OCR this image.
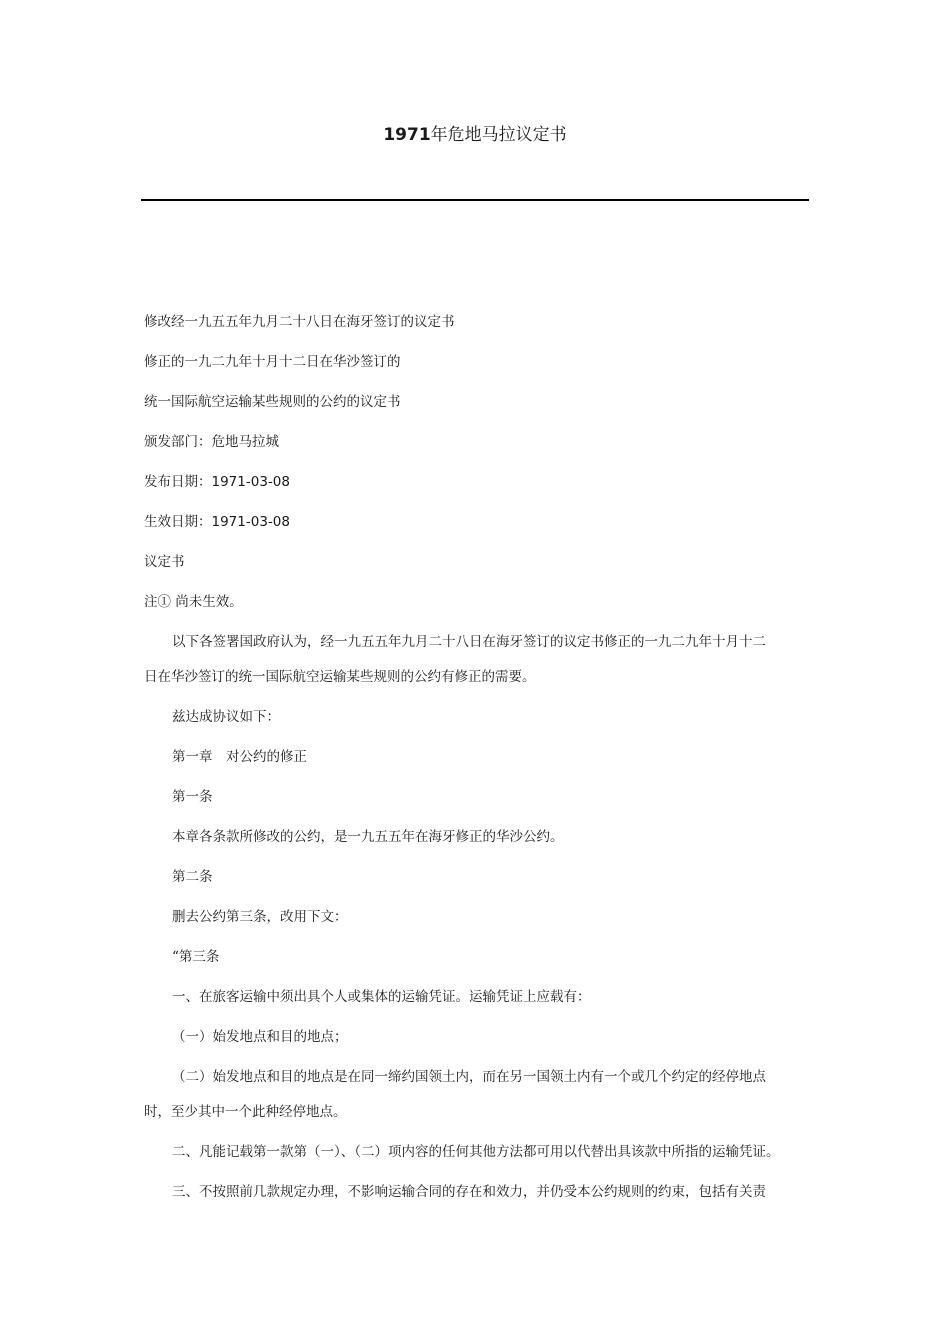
1971年危地马拉议定书
修改经一九五五年九月二十八日在海牙签订的议定书
修正的一九二九年十月十二日在华沙签订的
统一国际航空运输某些规则的公约的议定书
颁发部门：危地马拉城
发布日期：1971-03-08
生效日期：1971-03-08
议定书
注① 尚未生效。
以下各签署国政府认为，经一九五五年九月二十八日在海牙签订的议定书修正的一九二九年十月十二
日在华沙签订的统一国际航空运输某些规则的公约有修正的需要。
兹达成协议如下：
第一章　对公约的修正
第一条
本章各条款所修改的公约，是一九五五年在海牙修正的华沙公约。
第二条
删去公约第三条，改用下文：
“第三条
一、在旅客运输中须出具个人或集体的运输凭证。运输凭证上应载有：
（一）始发地点和目的地点；
（二）始发地点和目的地点是在同一缔约国领土内，而在另一国领土内有一个或几个约定的经停地点
时，至少其中一个此种经停地点。
二、凡能记载第一款第（一）、（二）项内容的任何其他方法都可用以代替出具该款中所指的运输凭证。
三、不按照前几款规定办理，不影响运输合同的存在和效力，并仍受本公约规则的约束，包括有关责
